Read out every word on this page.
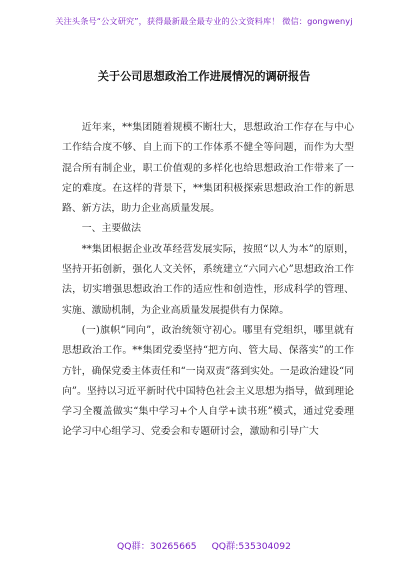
关注头条号“公文研究”，获得最新最全最专业的公文资料库！ 微信：gongwenyj
关于公司思想政治工作进展情况的调研报告

近年来，**集团随着规模不断壮大，思想政治工作存在与中心工作结合度不够、自上而下的工作体系不健全等问题，而作为大型混合所有制企业，职工价值观的多样化也给思想政治工作带来了一定的难度。在这样的背景下，**集团积极探索思想政治工作的新思路、新方法，助力企业高质量发展。

一、主要做法

**集团根据企业改革经营发展实际，按照“以人为本”的原则，坚持开拓创新，强化人文关怀，系统建立“六同六心”思想政治工作法，切实增强思想政治工作的适应性和创造性，形成科学的管理、实施、激励机制，为企业高质量发展提供有力保障。

(一)旗帜“同向”，政治统领守初心。哪里有党组织，哪里就有思想政治工作。**集团党委坚持“把方向、管大局、保落实”的工作方针，确保党委主体责任和“一岗双责”落到实处。一是政治建设“同向”。坚持以习近平新时代中国特色社会主义思想为指导，做到理论学习全覆盖做实“集中学习+个人自学+读书班”模式，通过党委理论学习中心组学习、党委会和专题研讨会，激励和引导广大

QQ群：30265665 QQ群:535304092
